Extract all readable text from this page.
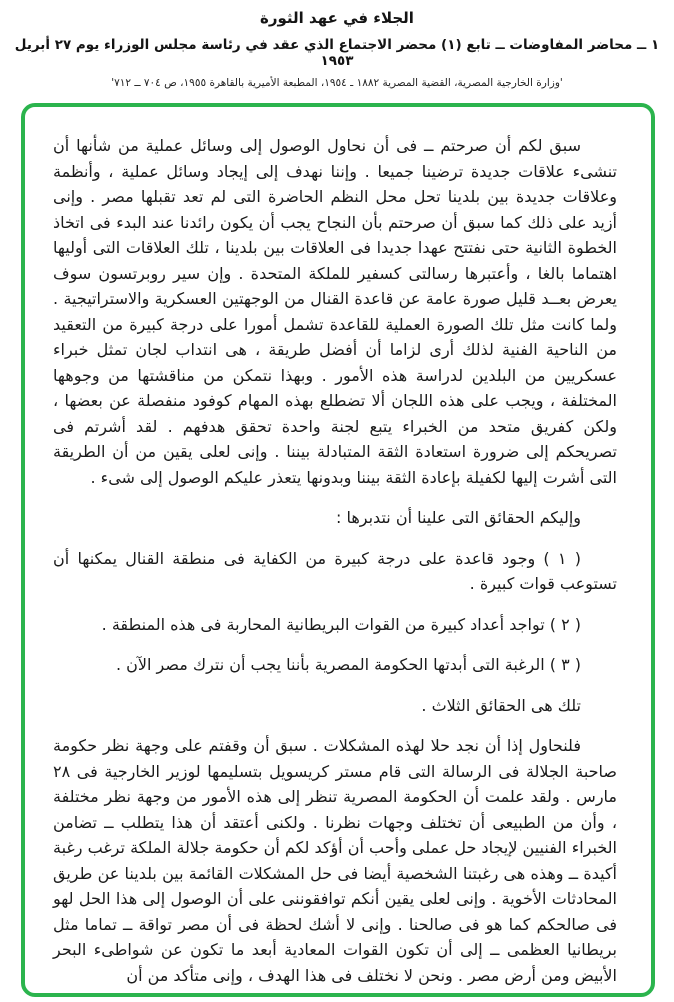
الجلاء في عهد الثورة
١ ــ محاضر المفاوضات ــ تابع (١) محضر الاجتماع الذي عقد في رئاسة مجلس الوزراء يوم ٢٧ أبريل ١٩٥٣
'وزارة الخارجية المصرية، القضية المصرية ١٨٨٢ ـ ١٩٥٤، المطبعة الأميرية بالقاهرة ١٩٥٥، ص ٧٠٤ ــ ٧١٢'

سبق لكم أن صرحتم ــ فى أن نحاول الوصول إلى وسائل عملية من شأنها أن تنشىء علاقات جديدة ترضينا جميعا . وإننا نهدف إلى إيجاد وسائل عملية ، وأنظمة وعلاقات جديدة بين بلدينا تحل محل النظم الحاضرة التى لم تعد تقبلها مصر . وإنى أزيد على ذلك كما سبق أن صرحتم بأن النجاح يجب أن يكون رائدنا عند البدء فى اتخاذ الخطوة الثانية حتى نفتتح عهدا جديدا فى العلاقات بين بلدينا ، تلك العلاقات التى أوليها اهتماما بالغا ، وأعتبرها رسالتى كسفير للملكة المتحدة . وإن سير روبرتسون سوف يعرض بعــد قليل صورة عامة عن قاعدة القنال من الوجهتين العسكرية والاستراتيجية . ولما كانت مثل تلك الصورة العملية للقاعدة تشمل أمورا على درجة كبيرة من التعقيد من الناحية الفنية لذلك أرى لزاما أن أفضل طريقة ، هى انتداب لجان تمثل خبراء عسكريين من البلدين لدراسة هذه الأمور . وبهذا نتمكن من مناقشتها من وجوهها المختلفة ، ويجب على هذه اللجان ألا تضطلع بهذه المهام كوفود منفصلة عن بعضها ، ولكن كفريق متحد من الخبراء يتبع لجنة واحدة تحقق هدفهم . لقد أشرتم فى تصريحكم إلى ضرورة استعادة الثقة المتبادلة بيننا . وإنى لعلى يقين من أن الطريقة التى أشرت إليها لكفيلة بإعادة الثقة بيننا وبدونها يتعذر عليكم الوصول إلى شىء .

وإليكم الحقائق التى علينا أن نتدبرها :

( ١ ) وجود قاعدة على درجة كبيرة من الكفاية فى منطقة القنال يمكنها أن تستوعب قوات كبيرة .

( ٢ ) تواجد أعداد كبيرة من القوات البريطانية المحاربة فى هذه المنطقة .

( ٣ ) الرغبة التى أبدتها الحكومة المصرية بأننا يجب أن نترك مصر الآن .

تلك هى الحقائق الثلاث .

فلنحاول إذا أن نجد حلا لهذه المشكلات . سبق أن وقفتم على وجهة نظر حكومة صاحبة الجلالة فى الرسالة التى قام مستر كريسويل بتسليمها لوزير الخارجية فى ٢٨ مارس . ولقد علمت أن الحكومة المصرية تنظر إلى هذه الأمور من وجهة نظر مختلفة ، وأن من الطبيعى أن تختلف وجهات نظرنا . ولكنى أعتقد أن هذا يتطلب ــ تضامن الخبراء الفنيين لإيجاد حل عملى وأحب أن أؤكد لكم أن حكومة جلالة الملكة ترغب رغبة أكيدة ــ وهذه هى رغبتنا الشخصية أيضا فى حل المشكلات القائمة بين بلدينا عن طريق المحادثات الأخوية . وإنى لعلى يقين أنكم توافقوننى على أن الوصول إلى هذا الحل لهو فى صالحكم كما هو فى صالحنا . وإنى لا أشك لحظة فى أن مصر تواقة ــ تماما مثل بريطانيا العظمى ــ إلى أن تكون القوات المعادية أبعد ما تكون عن شواطىء البحر الأبيض ومن أرض مصر . ونحن لا نختلف فى هذا الهدف ، وإنى متأكد من أن
